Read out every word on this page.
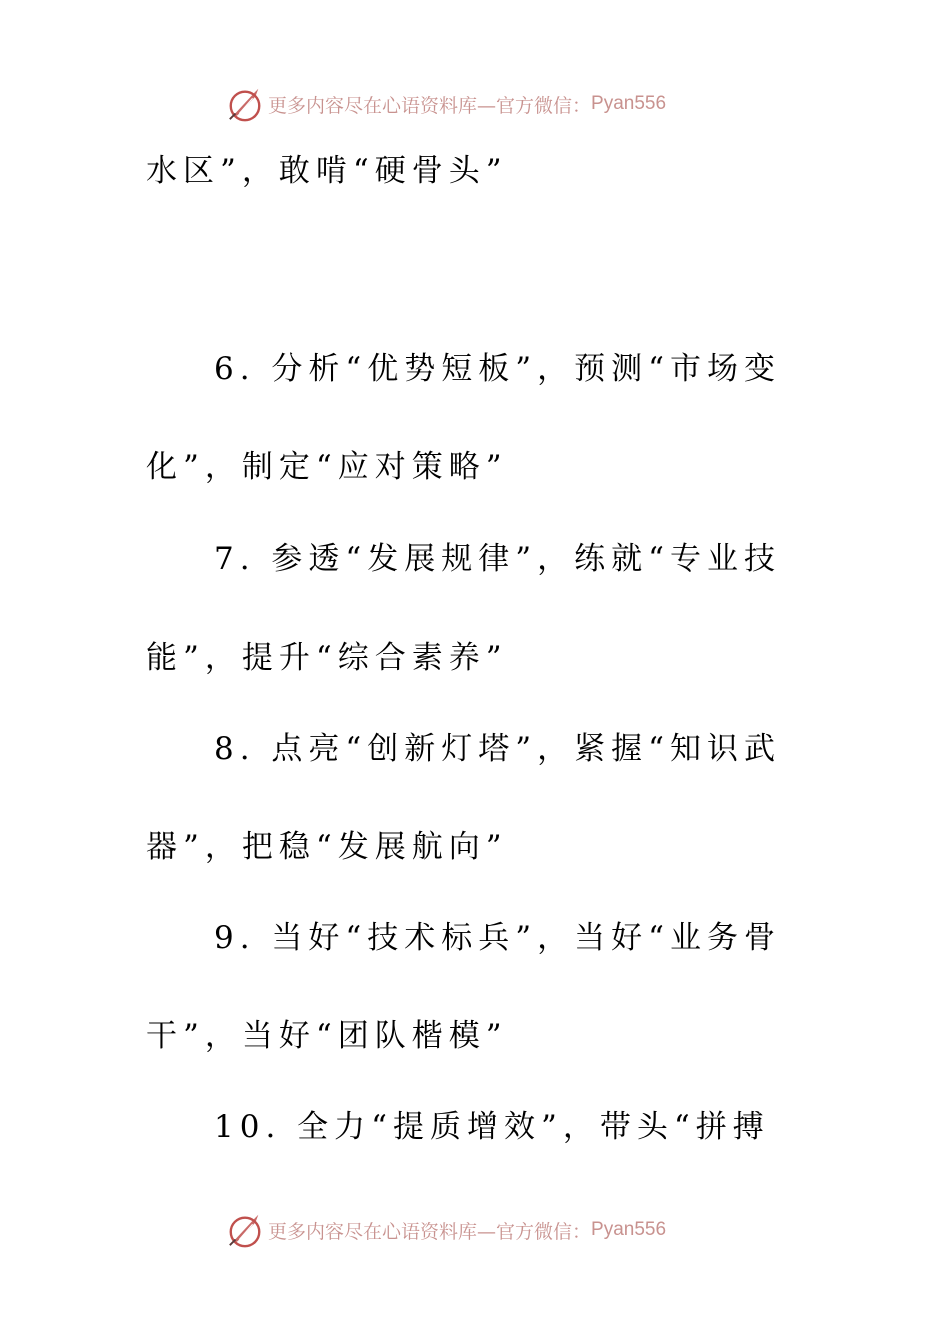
更多内容尽在心语资料库—官方微信： Pyan556
水区”，敢啃“硬骨头”
6. 分析“优势短板”，预测“市场变
化”，制定“应对策略”
7. 参透“发展规律”，练就“专业技
能”，提升“综合素养”
8. 点亮“创新灯塔”，紧握“知识武
器”，把稳“发展航向”
9. 当好“技术标兵”，当好“业务骨
干”，当好“团队楷模”
10. 全力“提质增效”，带头“拼搏
更多内容尽在心语资料库—官方微信： Pyan556
